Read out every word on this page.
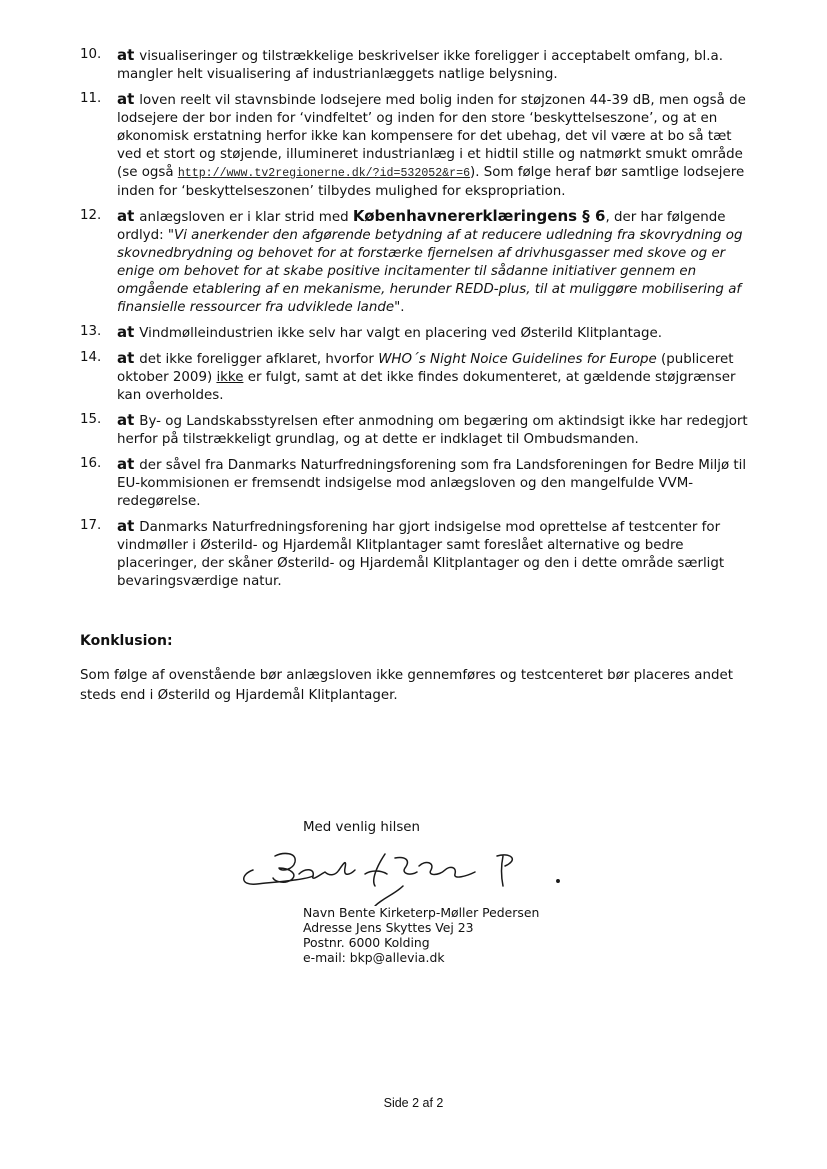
10.	at visualiseringer og tilstrækkelige beskrivelser ikke foreligger i acceptabelt omfang, bl.a. mangler helt visualisering af industrianlæggets natlige belysning.
11.	at loven reelt vil stavnsbinde lodsejere med bolig inden for støjzonen 44-39 dB, men også de lodsejere der bor inden for ‘vindfeltet’ og inden for den store ‘beskyttelseszone’, og at en økonomisk erstatning herfor ikke kan kompensere for det ubehag, det vil være at bo så tæt ved et stort og støjende, illumineret industrianlæg i et hidtil stille og natmørkt smukt område (se også http://www.tv2regionerne.dk/?id=532052&r=6). Som følge heraf bør samtlige lodsejere inden for ‘beskyttelseszonen’ tilbydes mulighed for ekspropriation.
12.	at anlægsloven er i klar strid med Københavnererklæringens § 6, der har følgende ordlyd: "Vi anerkender den afgørende betydning af at reducere udledning fra skovrydning og skovnedbrydning og behovet for at forstærke fjernelsen af drivhusgasser med skove og er enige om behovet for at skabe positive incitamenter til sådanne initiativer gennem en omgående etablering af en mekanisme, herunder REDD-plus, til at muliggøre mobilisering af finansielle ressourcer fra udviklede lande".
13.	at Vindmølleindustrien ikke selv har valgt en placering ved Østerild Klitplantage.
14.	at det ikke foreligger afklaret, hvorfor WHO´s Night Noice Guidelines for Europe (publiceret oktober 2009) ikke er fulgt, samt at det ikke findes dokumenteret, at gældende støjgrænser kan overholdes.
15.	at By- og Landskabsstyrelsen efter anmodning om begæring om aktindsigt ikke har redegjort herfor på tilstrækkeligt grundlag, og at dette er indklaget til Ombudsmanden.
16.	at der såvel fra Danmarks Naturfredningsforening som fra Landsforeningen for Bedre Miljø til EU-kommisionen er fremsendt indsigelse mod anlægsloven og den mangelfulde VVM-redegørelse.
17.	at Danmarks Naturfredningsforening har gjort indsigelse mod oprettelse af testcenter for vindmøller i Østerild- og Hjardemål Klitplantager samt foreslået alternative og bedre placeringer, der skåner Østerild- og Hjardemål Klitplantager og den i dette område særligt bevaringsværdige natur.
Konklusion:
Som følge af ovenstående bør anlægsloven ikke gennemføres og testcenteret bør placeres andet steds end i Østerild og Hjardemål Klitplantager.
Med venlig hilsen
Navn Bente Kirketerp-Møller Pedersen
Adresse Jens Skyttes Vej 23
Postnr. 6000 Kolding
e-mail: bkp@allevia.dk
Side 2 af 2
